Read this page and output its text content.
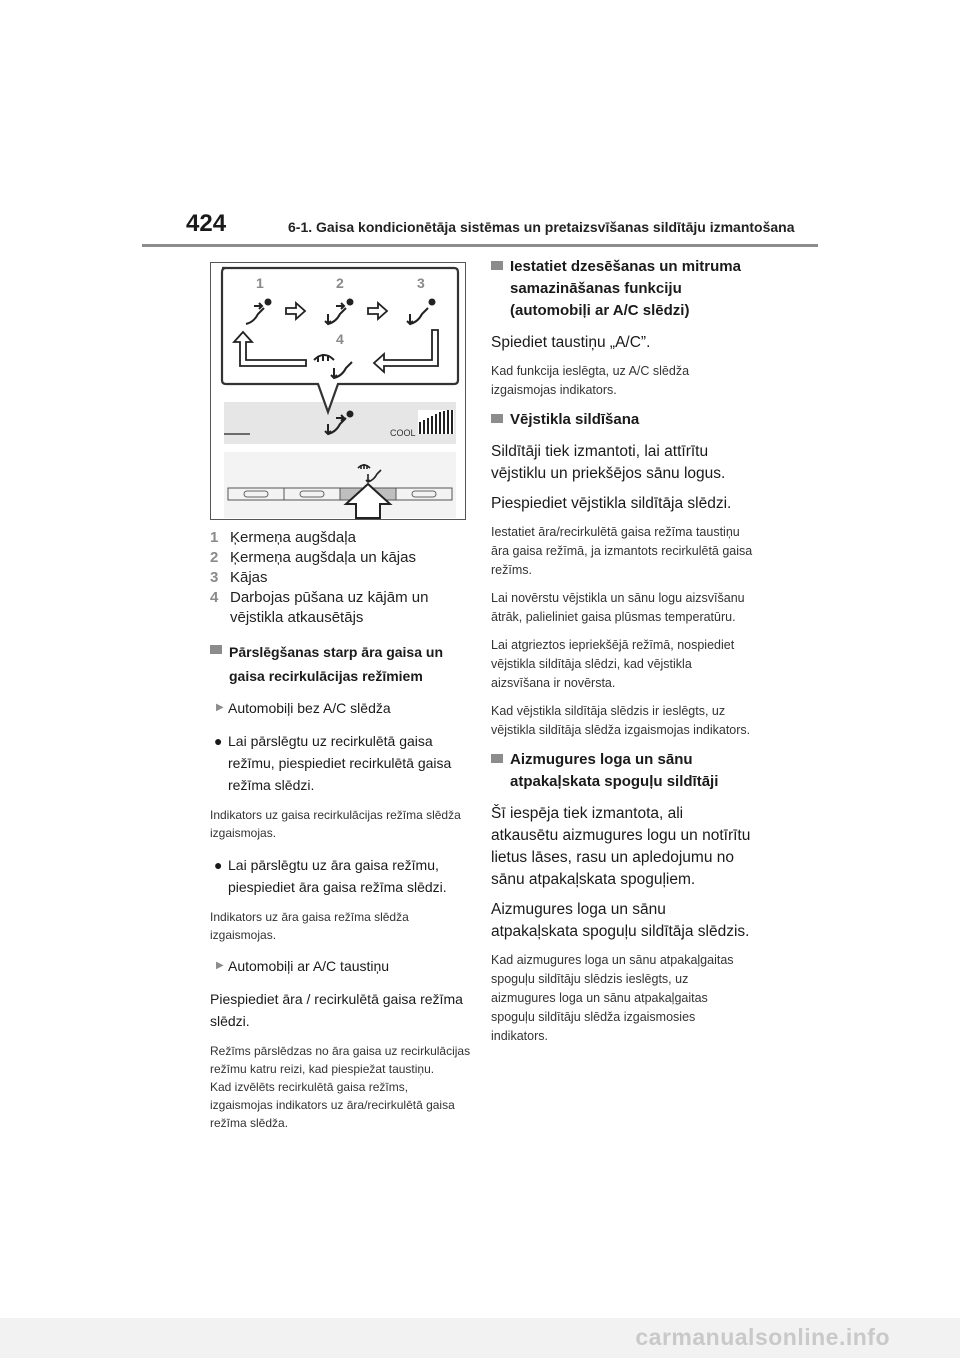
424	6-1. Gaisa kondicionētāja sistēmas un pretaizsvīšanas sildītāju izmantošana
1	2	3
4
COOL
1 Ķermeņa augšdaļa
2 Ķermeņa augšdaļa un kājas
3 Kājas
4 Darbojas pūšana uz kājām un vējstikla atkausētājs
Pārslēgšanas starp āra gaisa un gaisa recirkulācijas režīmiem
▶ Automobiļi bez A/C slēdža
● Lai pārslēgtu uz recirkulētā gaisa režīmu, piespiediet recirkulētā gaisa režīma slēdzi.

Indikators uz gaisa recirkulācijas režīma slēdža izgaismojas.

● Lai pārslēgtu uz āra gaisa režīmu, piespiediet āra gaisa režīma slēdzi.

Indikators uz āra gaisa režīma slēdža izgaismojas.

▶ Automobiļi ar A/C taustiņu

Piespiediet āra / recirkulētā gaisa režīma slēdzi.

Režīms pārslēdzas no āra gaisa uz recirkulācijas režīmu katru reizi, kad piespiežat taustiņu.

Kad izvēlēts recirkulētā gaisa režīms, izgaismojas indikators uz āra/recirkulētā gaisa režīma slēdža.

Iestatiet dzesēšanas un mitruma samazināšanas funkciju (automobiļi ar A/C slēdzi)

Spiediet taustiņu „A/C”.

Kad funkcija ieslēgta, uz A/C slēdža izgaismojas indikators.

Vējstikla sildīšana

Sildītāji tiek izmantoti, lai attīrītu vējstiklu un priekšējos sānu logus.

Piespiediet vējstikla sildītāja slēdzi.

Iestatiet āra/recirkulētā gaisa režīma taustiņu āra gaisa režīmā, ja izmantots recirkulētā gaisa režīms.

Lai novērstu vējstikla un sānu logu aizsvīšanu ātrāk, palieliniet gaisa plūsmas temperatūru.

Lai atgrieztos iepriekšējā režīmā, nospiediet vējstikla sildītāja slēdzi, kad vējstikla aizsvīšana ir novērsta.

Kad vējstikla sildītāja slēdzis ir ieslēgts, uz vējstikla sildītāja slēdža izgaismojas indikators.

Aizmugures loga un sānu atpakaļskata spoguļu sildītāji

Šī iespēja tiek izmantota, ali atkausētu aizmugures logu un notīrītu lietus lāses, rasu un apledojumu no sānu atpakaļskata spoguļiem.

Aizmugures loga un sānu atpakaļskata spoguļu sildītāja slēdzis.

Kad aizmugures loga un sānu atpakaļgaitas spoguļu sildītāju slēdzis ieslēgts, uz aizmugures loga un sānu atpakaļgaitas spoguļu sildītāju slēdža izgaismosies indikators.

carmanualsonline.info
